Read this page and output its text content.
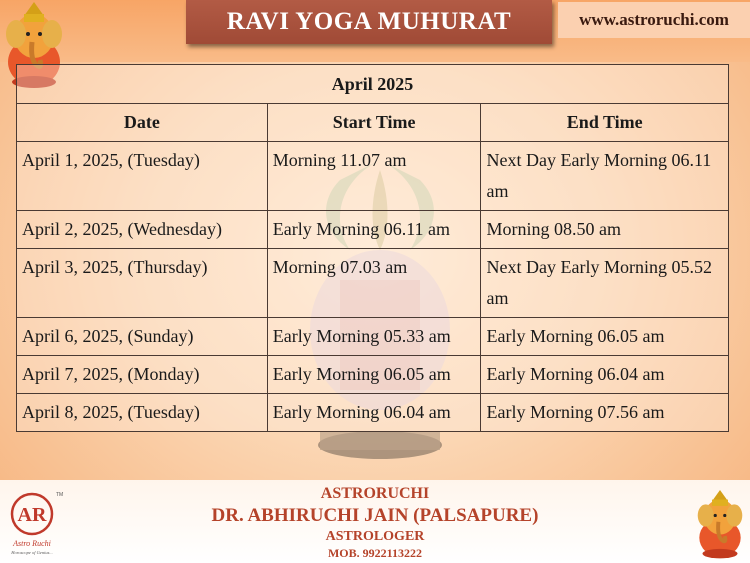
RAVI YOGA MUHURAT	www.astroruchi.com
April 2025		
Date	Start Time	End Time
April 1, 2025, (Tuesday)	Morning 11.07 am	Next Day Early Morning 06.11 am
April 2, 2025, (Wednesday)	Early Morning 06.11 am	Morning 08.50 am
April 3, 2025, (Thursday)	Morning 07.03 am	Next Day Early Morning 05.52 am
April 6, 2025, (Sunday)	Early Morning 05.33 am	Early Morning 06.05 am
April 7, 2025, (Monday)	Early Morning 06.05 am	Early Morning 06.04 am
April 8, 2025, (Tuesday)	Early Morning 06.04 am	Early Morning 07.56 am
AR
Astro Ruchi
Horoscope of Genius...
TM	ASTRORUCHI
DR. ABHIRUCHI JAIN (PALSAPURE)
ASTROLOGER
MOB. 9922113222
